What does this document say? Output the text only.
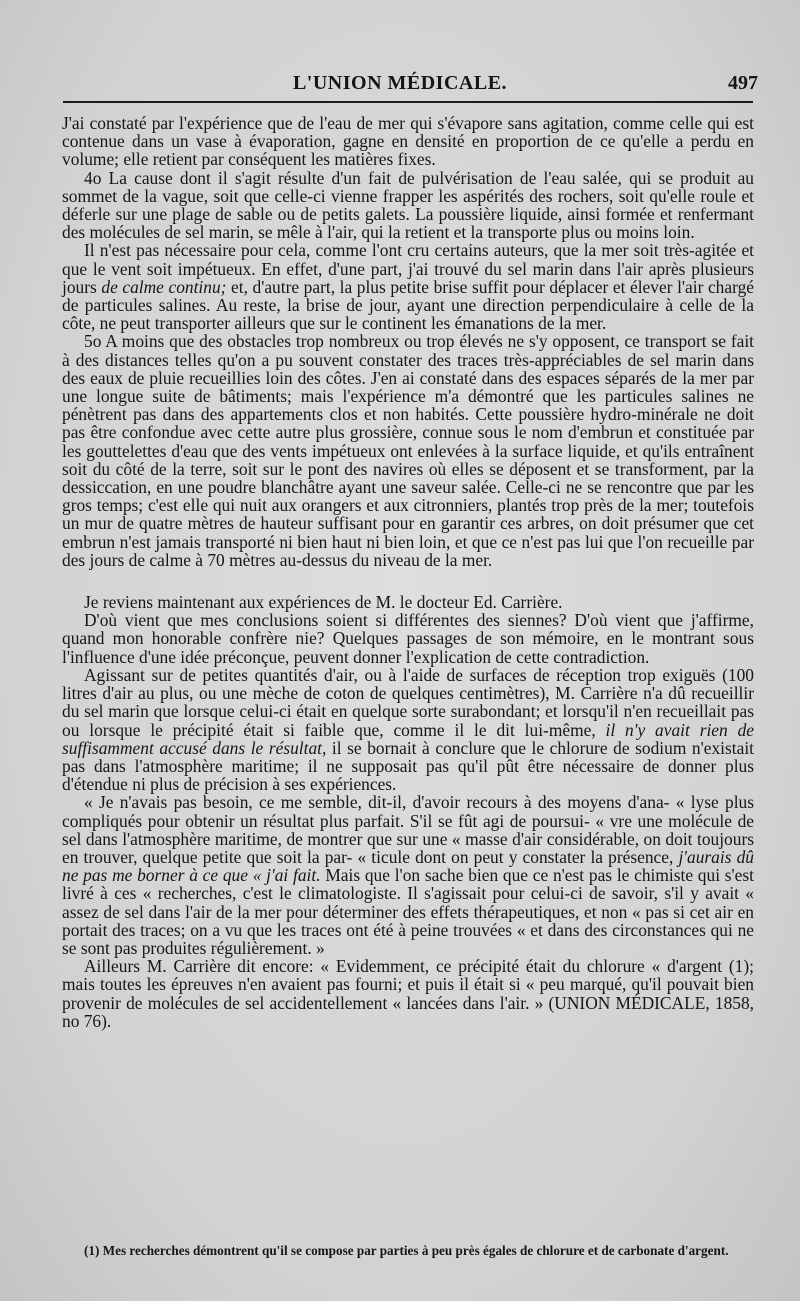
L'UNION MÉDICALE.	497

J'ai constaté par l'expérience que de l'eau de mer qui s'évapore sans agitation, comme celle qui est contenue dans un vase à évaporation, gagne en densité en proportion de ce qu'elle a perdu en volume; elle retient par conséquent les matières fixes.

4o La cause dont il s'agit résulte d'un fait de pulvérisation de l'eau salée, qui se produit au sommet de la vague, soit que celle-ci vienne frapper les aspérités des rochers, soit qu'elle roule et déferle sur une plage de sable ou de petits galets. La poussière liquide, ainsi formée et renfermant des molécules de sel marin, se mêle à l'air, qui la retient et la transporte plus ou moins loin.

Il n'est pas nécessaire pour cela, comme l'ont cru certains auteurs, que la mer soit très-agitée et que le vent soit impétueux. En effet, d'une part, j'ai trouvé du sel marin dans l'air après plusieurs jours de calme continu; et, d'autre part, la plus petite brise suffit pour déplacer et élever l'air chargé de particules salines. Au reste, la brise de jour, ayant une direction perpendiculaire à celle de la côte, ne peut transporter ailleurs que sur le continent les émanations de la mer.

5o A moins que des obstacles trop nombreux ou trop élevés ne s'y opposent, ce transport se fait à des distances telles qu'on a pu souvent constater des traces très-appréciables de sel marin dans des eaux de pluie recueillies loin des côtes. J'en ai constaté dans des espaces séparés de la mer par une longue suite de bâtiments; mais l'expérience m'a démontré que les particules salines ne pénètrent pas dans des appartements clos et non habités. Cette poussière hydro-minérale ne doit pas être confondue avec cette autre plus grossière, connue sous le nom d'embrun et constituée par les gouttelettes d'eau que des vents impétueux ont enlevées à la surface liquide, et qu'ils entraînent soit du côté de la terre, soit sur le pont des navires où elles se déposent et se transforment, par la dessiccation, en une poudre blanchâtre ayant une saveur salée. Celle-ci ne se rencontre que par les gros temps; c'est elle qui nuit aux orangers et aux citronniers, plantés trop près de la mer; toutefois un mur de quatre mètres de hauteur suffisant pour en garantir ces arbres, on doit présumer que cet embrun n'est jamais transporté ni bien haut ni bien loin, et que ce n'est pas lui que l'on recueille par des jours de calme à 70 mètres au-dessus du niveau de la mer.

Je reviens maintenant aux expériences de M. le docteur Ed. Carrière.

D'où vient que mes conclusions soient si différentes des siennes? D'où vient que j'affirme, quand mon honorable confrère nie? Quelques passages de son mémoire, en le montrant sous l'influence d'une idée préconçue, peuvent donner l'explication de cette contradiction.

Agissant sur de petites quantités d'air, ou à l'aide de surfaces de réception trop exiguës (100 litres d'air au plus, ou une mèche de coton de quelques centimètres), M. Carrière n'a dû recueillir du sel marin que lorsque celui-ci était en quelque sorte surabondant; et lorsqu'il n'en recueillait pas ou lorsque le précipité était si faible que, comme il le dit lui-même, il n'y avait rien de suffisamment accusé dans le résultat, il se bornait à conclure que le chlorure de sodium n'existait pas dans l'atmosphère maritime; il ne supposait pas qu'il pût être nécessaire de donner plus d'étendue ni plus de précision à ses expériences.

« Je n'avais pas besoin, ce me semble, dit-il, d'avoir recours à des moyens d'ana- « lyse plus compliqués pour obtenir un résultat plus parfait. S'il se fût agi de poursui- « vre une molécule de sel dans l'atmosphère maritime, de montrer que sur une « masse d'air considérable, on doit toujours en trouver, quelque petite que soit la par- « ticule dont on peut y constater la présence, j'aurais dû ne pas me borner à ce que « j'ai fait. Mais que l'on sache bien que ce n'est pas le chimiste qui s'est livré à ces « recherches, c'est le climatologiste. Il s'agissait pour celui-ci de savoir, s'il y avait « assez de sel dans l'air de la mer pour déterminer des effets thérapeutiques, et non « pas si cet air en portait des traces; on a vu que les traces ont été à peine trouvées « et dans des circonstances qui ne se sont pas produites régulièrement. »

Ailleurs M. Carrière dit encore: « Evidemment, ce précipité était du chlorure « d'argent (1); mais toutes les épreuves n'en avaient pas fourni; et puis il était si « peu marqué, qu'il pouvait bien provenir de molécules de sel accidentellement « lancées dans l'air. » (UNION MÉDICALE, 1858, no 76).

(1) Mes recherches démontrent qu'il se compose par parties à peu près égales de chlorure et de carbonate d'argent.
